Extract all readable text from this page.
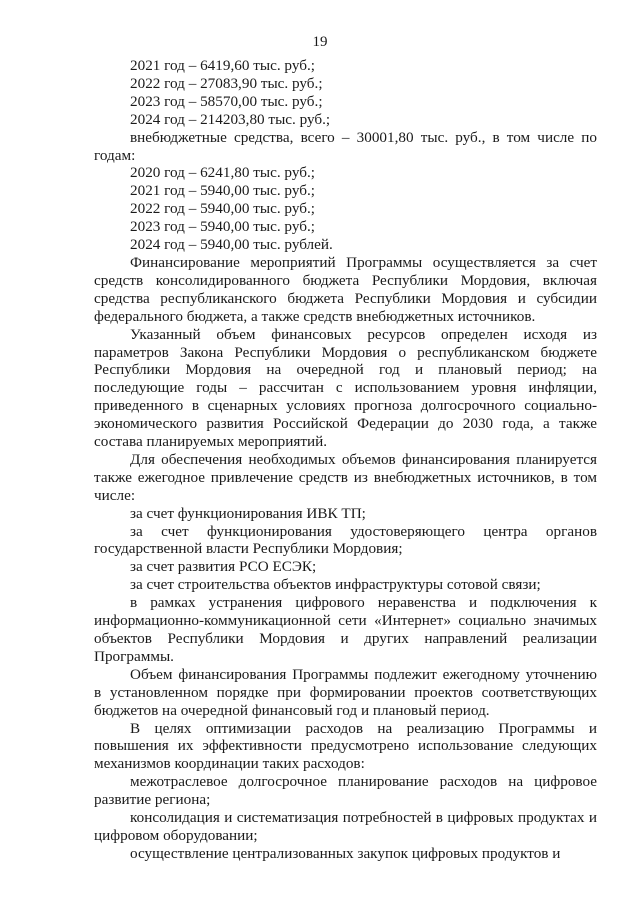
19

2021 год – 6419,60 тыс. руб.;

2022 год – 27083,90 тыс. руб.;

2023 год – 58570,00 тыс. руб.;

2024 год – 214203,80 тыс. руб.;

внебюджетные средства, всего – 30001,80 тыс. руб., в том числе по годам:

2020 год – 6241,80 тыс. руб.;

2021 год – 5940,00 тыс. руб.;

2022 год – 5940,00 тыс. руб.;

2023 год – 5940,00 тыс. руб.;

2024 год – 5940,00 тыс. рублей.

Финансирование мероприятий Программы осуществляется за счет средств консолидированного бюджета Республики Мордовия, включая средства республиканского бюджета Республики Мордовия и субсидии федерального бюджета, а также средств внебюджетных источников.

Указанный объем финансовых ресурсов определен исходя из параметров Закона Республики Мордовия о республиканском бюджете Республики Мордовия на очередной год и плановый период; на последующие годы – рассчитан с использованием уровня инфляции, приведенного в сценарных условиях прогноза долгосрочного социально-экономического развития Российской Федерации до 2030 года, а также состава планируемых мероприятий.

Для обеспечения необходимых объемов финансирования планируется также ежегодное привлечение средств из внебюджетных источников, в том числе:

за счет функционирования ИВК ТП;

за счет функционирования удостоверяющего центра органов государственной власти Республики Мордовия;

за счет развития РСО ЕСЭК;

за счет строительства объектов инфраструктуры сотовой связи;

в рамках устранения цифрового неравенства и подключения к информационно-коммуникационной сети «Интернет» социально значимых объектов Республики Мордовия и других направлений реализации Программы.

Объем финансирования Программы подлежит ежегодному уточнению в установленном порядке при формировании проектов соответствующих бюджетов на очередной финансовый год и плановый период.

В целях оптимизации расходов на реализацию Программы и повышения их эффективности предусмотрено использование следующих механизмов координации таких расходов:

межотраслевое долгосрочное планирование расходов на цифровое развитие региона;

консолидация и систематизация потребностей в цифровых продуктах и цифровом оборудовании;

осуществление централизованных закупок цифровых продуктов и
